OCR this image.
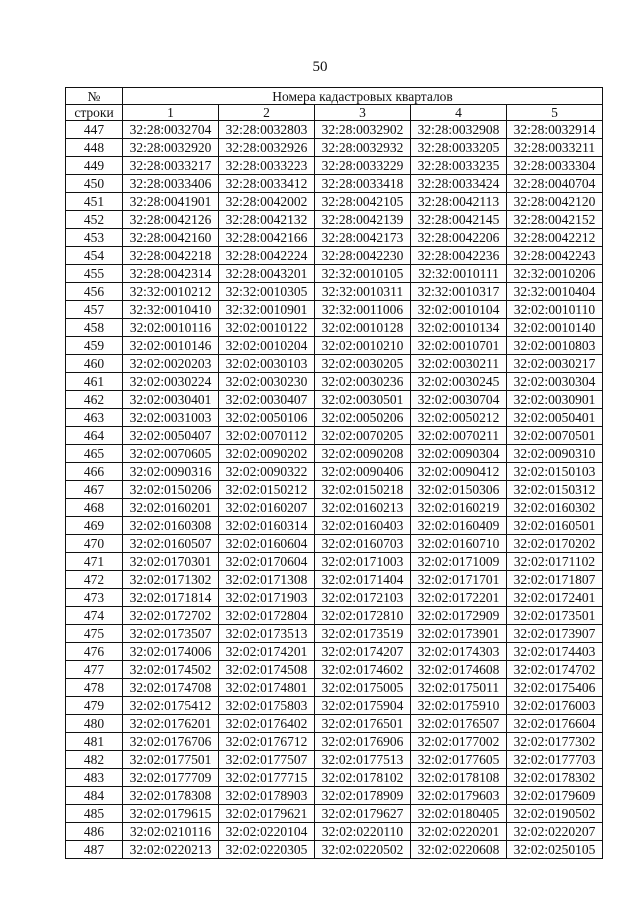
50
№	Номера кадастровых кварталов				
строки	1	2	3	4	5
447	32:28:0032704	32:28:0032803	32:28:0032902	32:28:0032908	32:28:0032914
448	32:28:0032920	32:28:0032926	32:28:0032932	32:28:0033205	32:28:0033211
449	32:28:0033217	32:28:0033223	32:28:0033229	32:28:0033235	32:28:0033304
450	32:28:0033406	32:28:0033412	32:28:0033418	32:28:0033424	32:28:0040704
451	32:28:0041901	32:28:0042002	32:28:0042105	32:28:0042113	32:28:0042120
452	32:28:0042126	32:28:0042132	32:28:0042139	32:28:0042145	32:28:0042152
453	32:28:0042160	32:28:0042166	32:28:0042173	32:28:0042206	32:28:0042212
454	32:28:0042218	32:28:0042224	32:28:0042230	32:28:0042236	32:28:0042243
455	32:28:0042314	32:28:0043201	32:32:0010105	32:32:0010111	32:32:0010206
456	32:32:0010212	32:32:0010305	32:32:0010311	32:32:0010317	32:32:0010404
457	32:32:0010410	32:32:0010901	32:32:0011006	32:02:0010104	32:02:0010110
458	32:02:0010116	32:02:0010122	32:02:0010128	32:02:0010134	32:02:0010140
459	32:02:0010146	32:02:0010204	32:02:0010210	32:02:0010701	32:02:0010803
460	32:02:0020203	32:02:0030103	32:02:0030205	32:02:0030211	32:02:0030217
461	32:02:0030224	32:02:0030230	32:02:0030236	32:02:0030245	32:02:0030304
462	32:02:0030401	32:02:0030407	32:02:0030501	32:02:0030704	32:02:0030901
463	32:02:0031003	32:02:0050106	32:02:0050206	32:02:0050212	32:02:0050401
464	32:02:0050407	32:02:0070112	32:02:0070205	32:02:0070211	32:02:0070501
465	32:02:0070605	32:02:0090202	32:02:0090208	32:02:0090304	32:02:0090310
466	32:02:0090316	32:02:0090322	32:02:0090406	32:02:0090412	32:02:0150103
467	32:02:0150206	32:02:0150212	32:02:0150218	32:02:0150306	32:02:0150312
468	32:02:0160201	32:02:0160207	32:02:0160213	32:02:0160219	32:02:0160302
469	32:02:0160308	32:02:0160314	32:02:0160403	32:02:0160409	32:02:0160501
470	32:02:0160507	32:02:0160604	32:02:0160703	32:02:0160710	32:02:0170202
471	32:02:0170301	32:02:0170604	32:02:0171003	32:02:0171009	32:02:0171102
472	32:02:0171302	32:02:0171308	32:02:0171404	32:02:0171701	32:02:0171807
473	32:02:0171814	32:02:0171903	32:02:0172103	32:02:0172201	32:02:0172401
474	32:02:0172702	32:02:0172804	32:02:0172810	32:02:0172909	32:02:0173501
475	32:02:0173507	32:02:0173513	32:02:0173519	32:02:0173901	32:02:0173907
476	32:02:0174006	32:02:0174201	32:02:0174207	32:02:0174303	32:02:0174403
477	32:02:0174502	32:02:0174508	32:02:0174602	32:02:0174608	32:02:0174702
478	32:02:0174708	32:02:0174801	32:02:0175005	32:02:0175011	32:02:0175406
479	32:02:0175412	32:02:0175803	32:02:0175904	32:02:0175910	32:02:0176003
480	32:02:0176201	32:02:0176402	32:02:0176501	32:02:0176507	32:02:0176604
481	32:02:0176706	32:02:0176712	32:02:0176906	32:02:0177002	32:02:0177302
482	32:02:0177501	32:02:0177507	32:02:0177513	32:02:0177605	32:02:0177703
483	32:02:0177709	32:02:0177715	32:02:0178102	32:02:0178108	32:02:0178302
484	32:02:0178308	32:02:0178903	32:02:0178909	32:02:0179603	32:02:0179609
485	32:02:0179615	32:02:0179621	32:02:0179627	32:02:0180405	32:02:0190502
486	32:02:0210116	32:02:0220104	32:02:0220110	32:02:0220201	32:02:0220207
487	32:02:0220213	32:02:0220305	32:02:0220502	32:02:0220608	32:02:0250105
